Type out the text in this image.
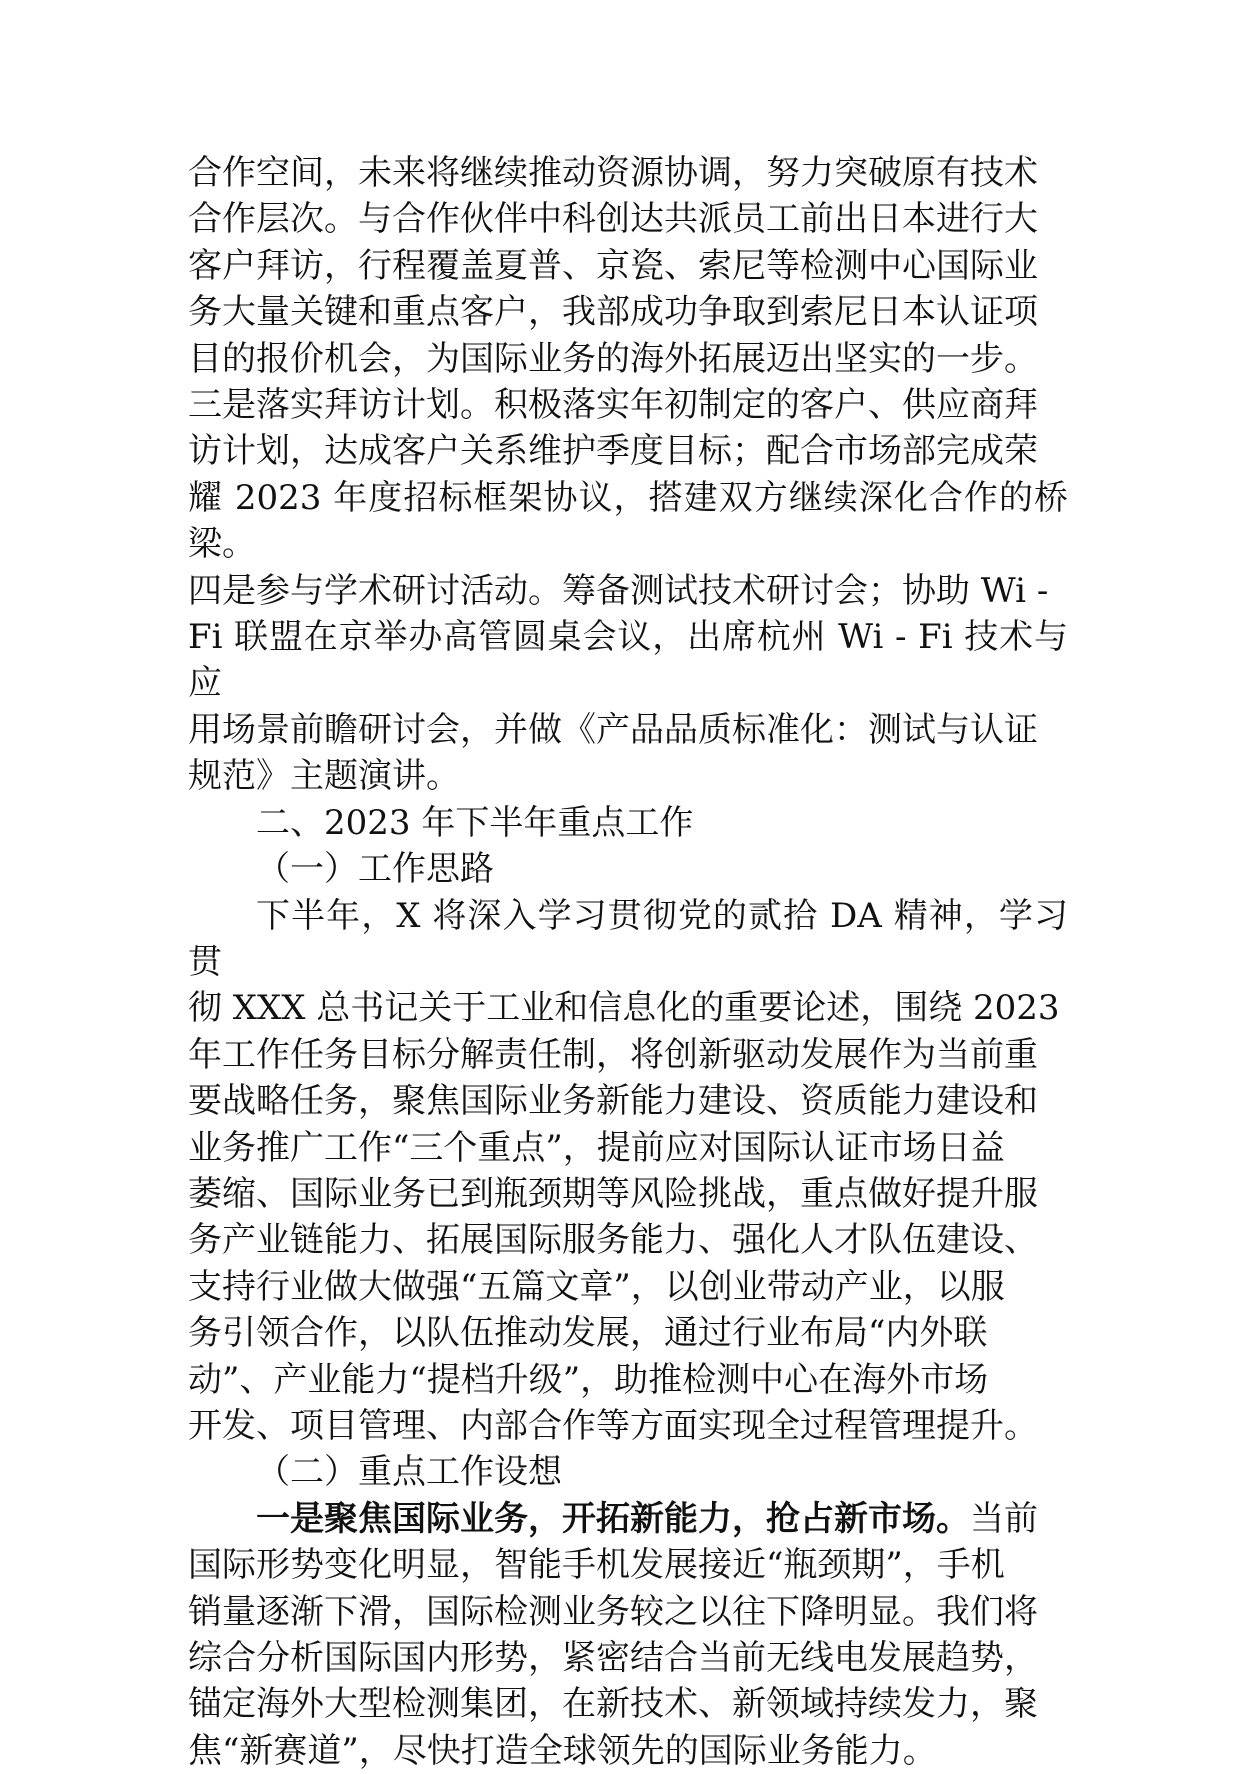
合作空间，未来将继续推动资源协调，努力突破原有技术
合作层次。与合作伙伴中科创达共派员工前出日本进行大
客户拜访，行程覆盖夏普、京瓷、索尼等检测中心国际业
务大量关键和重点客户，我部成功争取到索尼日本认证项
目的报价机会，为国际业务的海外拓展迈出坚实的一步。

三是落实拜访计划。积极落实年初制定的客户、供应商拜
访计划，达成客户关系维护季度目标；配合市场部完成荣
耀 2023 年度招标框架协议，搭建双方继续深化合作的桥梁。

四是参与学术研讨活动。筹备测试技术研讨会；协助 Wi -
Fi 联盟在京举办高管圆桌会议，出席杭州 Wi - Fi 技术与应
用场景前瞻研讨会，并做《产品品质标准化：测试与认证
规范》主题演讲。

二、2023 年下半年重点工作

（一）工作思路

下半年，X 将深入学习贯彻党的贰拾 DA 精神，学习贯
彻 XXX 总书记关于工业和信息化的重要论述，围绕 2023
年工作任务目标分解责任制，将创新驱动发展作为当前重
要战略任务，聚焦国际业务新能力建设、资质能力建设和
业务推广工作“三个重点”，提前应对国际认证市场日益
萎缩、国际业务已到瓶颈期等风险挑战，重点做好提升服
务产业链能力、拓展国际服务能力、强化人才队伍建设、
支持行业做大做强“五篇文章”，以创业带动产业，以服
务引领合作，以队伍推动发展，通过行业布局“内外联
动”、产业能力“提档升级”，助推检测中心在海外市场
开发、项目管理、内部合作等方面实现全过程管理提升。

（二）重点工作设想

一是聚焦国际业务，开拓新能力，抢占新市场。当前
国际形势变化明显，智能手机发展接近“瓶颈期”，手机
销量逐渐下滑，国际检测业务较之以往下降明显。我们将
综合分析国际国内形势，紧密结合当前无线电发展趋势，
锚定海外大型检测集团，在新技术、新领域持续发力，聚
焦“新赛道”，尽快打造全球领先的国际业务能力。
